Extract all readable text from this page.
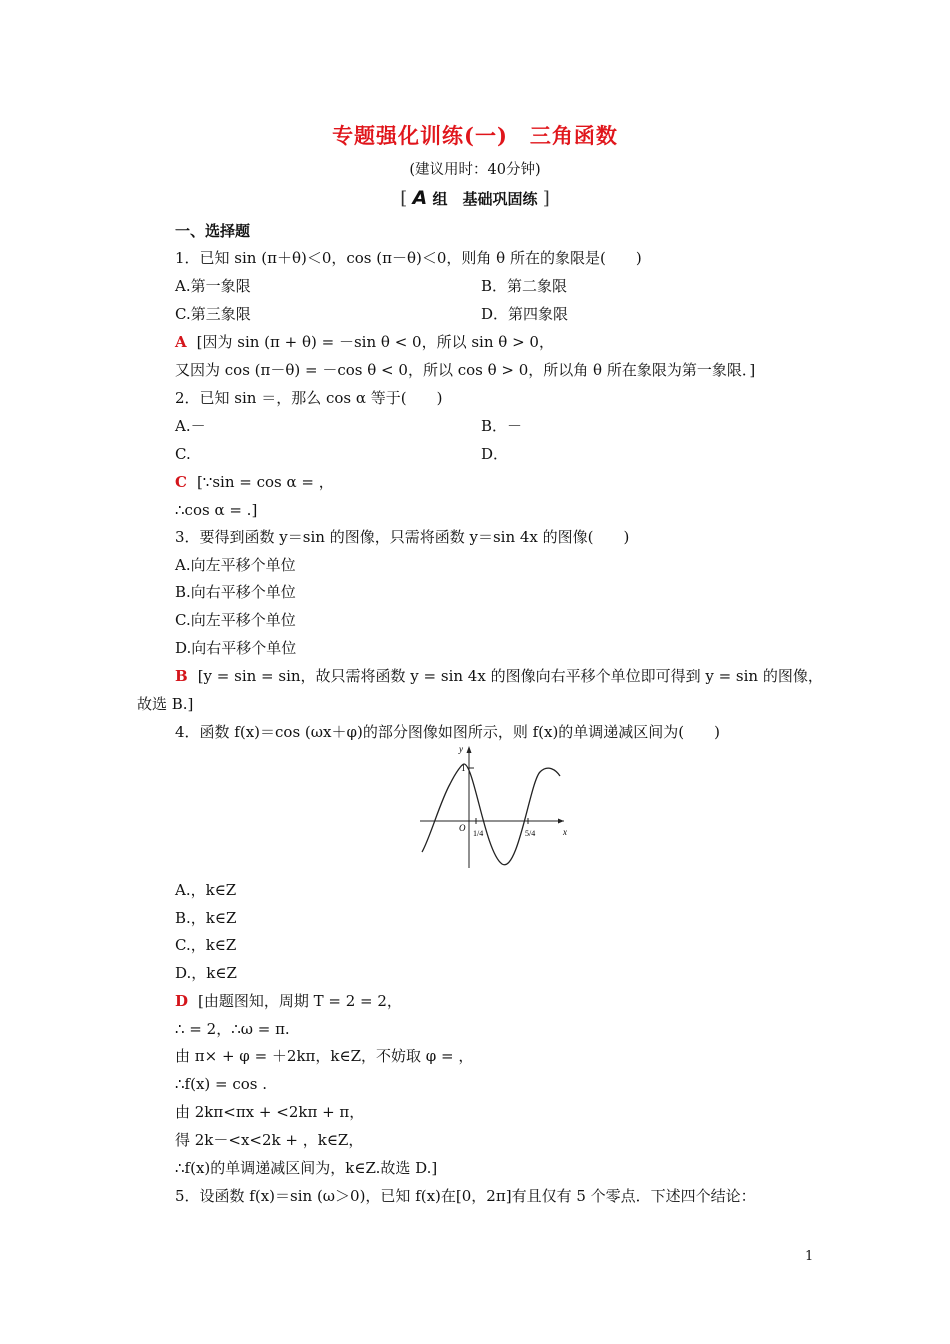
专题强化训练(一)　三角函数
(建议用时：40分钟)
[ A 组　基础巩固练 ]
一、选择题
1．已知 sin (π＋θ)＜0，cos (π－θ)＜0，则角 θ 所在的象限是(　　)
A.第一象限	B．第二象限
C.第三象限	D．第四象限
A [因为 sin (π + θ) = －sin θ < 0，所以 sin θ > 0，
又因为 cos (π－θ) = －cos θ < 0，所以 cos θ > 0，所以角 θ 所在象限为第一象限．]
2．已知 sin ＝，那么 cos α 等于(　　)
A.－	B．－
C.	D．
C [∵sin = cos α = ，
∴cos α = .]
3．要得到函数 y＝sin 的图像，只需将函数 y＝sin 4x 的图像(　　)
A.向左平移个单位
B.向右平移个单位
C.向左平移个单位
D.向右平移个单位
B [y = sin = sin，故只需将函数 y = sin 4x 的图像向右平移个单位即可得到 y = sin 的图像，
故选 B.]
4．函数 f(x)＝cos (ωx＋φ)的部分图像如图所示，则 f(x)的单调递减区间为(　　)
y
x
O
1
1/4	5/4
A.，k∈Z
B.，k∈Z
C.，k∈Z
D.，k∈Z
D [由题图知，周期 T = 2 = 2，
∴ = 2，∴ω = π.
由 π× + φ = ＋2kπ，k∈Z，不妨取 φ = ，
∴f(x) = cos .
由 2kπ<πx + <2kπ + π，
得 2k－<x<2k + ，k∈Z，
∴f(x)的单调递减区间为，k∈Z.故选 D.]
5．设函数 f(x)＝sin (ω＞0)，已知 f(x)在[0，2π]有且仅有 5 个零点．下述四个结论：
1
